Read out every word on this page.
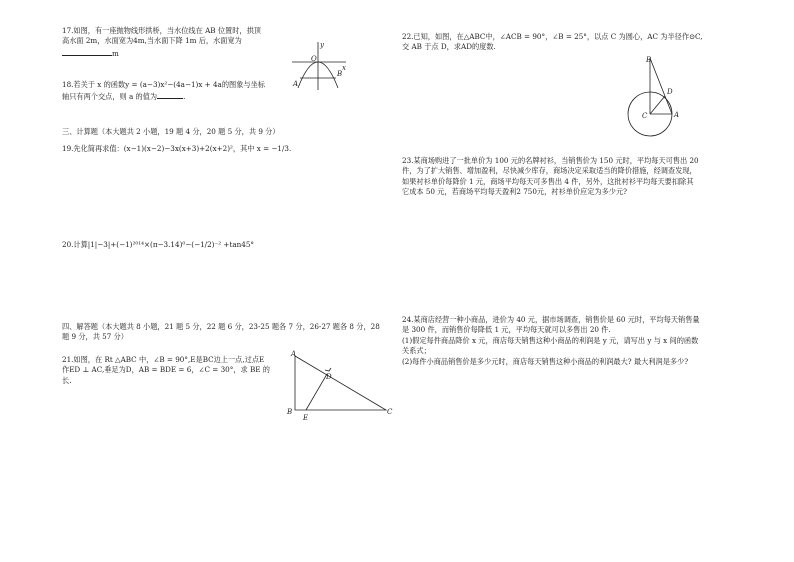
17.如图，有一座抛物线形拱桥，当水位线在 AB 位置时，拱顶
高水面 2m，水面宽为4m,当水面下降 1m 后，水面宽为
m
y
O
x
A
B
18.若关于 x 的函数y = (a−3)x²−(4a−1)x + 4a的图象与坐标
轴只有两个交点，则 a 的值为	.
三、计算题（本大题共 2 小题，19 题 4 分，20 题 5 分，共 9 分）
19.先化简再求值：(x−1)(x−2)−3x(x+3)+2(x+2)²，其中 x = −1/3.
20.计算|1|−3|+(−1)²⁰¹⁴×(π−3.14)⁰−(−1/2)⁻² +tan45°
四、解答题（本大题共 8 小题，21 题 5 分，22 题 6 分，23-25 题各 7 分，26-27 题各 8 分，28
题 9 分，共 57 分）
21.如图，在 Rt △ABC 中，∠B = 90°,E是BC边上一点,过点E
作ED ⊥ AC,垂足为D，AB = BDE = 6，∠C = 30°，求 BE 的
长.
A
D
B
E
C
22.已知，如图，在△ABC中，∠ACB = 90°，∠B = 25°，以点 C 为圆心，AC 为半径作⊙C,
交 AB 于点 D，求AD的度数.
B
D
C	A
23.某商场购进了一批单价为 100 元的名牌衬衫，当销售价为 150 元时，平均每天可售出 20
件，为了扩大销售、增加盈利，尽快减少库存，商场决定采取适当的降价措施，经调查发现，
如果衬衫单价每降价 1 元，商场平均每天可多售出 4 件，另外，这批衬衫平均每天要扣除其
它成本 50 元，若商场平均每天盈利2 750元，衬衫单价应定为多少元?
24.某商店经营一种小商品，进价为 40 元，据市场调查，销售价是 60 元时，平均每天销售量
是 300 件，而销售价每降低 1 元，平均每天就可以多售出 20 件.
(1)假定每件商品降价 x 元，商店每天销售这种小商品的利润是 y 元，请写出 y 与 x 间的函数
关系式；
(2)每件小商品销售价是多少元时，商店每天销售这种小商品的利润最大? 最大利润是多少?
